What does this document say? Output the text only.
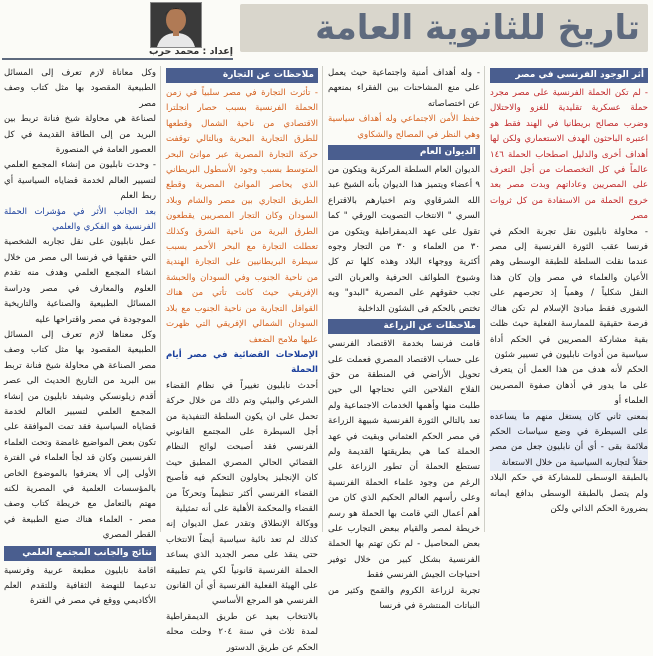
إعداد : محمد حرب
تاريخ للثانوية العامة
أثر الوجود الفرنسي في مصر

- لم تكن الحملة الفرنسية على مصر مجرد حملة عسكرية تقليدية للغزو والاحتلال وضرب مصالح بريطانيا في الهند فقط هو اعتبره الباحثون الهدف الاستعماري ولكن لها أهداف أخرى والدليل اصطحاب الحملة ١٤٦ عالماً في كل التخصصات من أجل التعرف على المصريين وعاداتهم وبدت مصر بعد خروج الحملة من الاستفادة من كل ثروات مصر

- محاولة نابليون نقل تجربة الحكم في فرنسا عقب الثورة الفرنسية إلى مصر عندما نقلت السلطة للطبقة الوسطى وهم الأعيان والعلماء في مصر وإن كان هذا النقل شكلياً / وهمياً إذ تحرصهم على الشورى فقط مبادئ الإسلام لم تكن هناك فرصة حقيقية للممارسة الفعلية حيث ظلت بقية مشاركة المصريين في الحكم أداة سياسية من أدوات نابليون في تسيير شئون

الحكم لأنه هدف من هذا العمل أن يتعرف على ما يدور في أذهان صفوة المصريين العلماء أو

بمعنى ثاني كان يستغل منهم ما يساعده على السيطرة في وضع سياسات الحكم ملائمة بقى - أي أن نابليون جعل من مصر حقلاً لتجاربه السياسية من خلال الاستعانة

بالطبقة الوسطى للمشاركة في حكم البلاد ولم يتصل بالطبقة الوسطى بدافع ايمانه بضرورة الحكم الذاتي ولكن

- وله أهداف أمنية واجتماعية حيث يعمل على منع المشاحنات بين الفقراء بمنعهم عن اختصاصاته

حفظ الأمن الاجتماعي وله أهداف سياسية وهي النظر في المصالح والشكاوي

الديوان العام

الديوان العام السلطة المركزية ويتكون من ٩ أعضاء ويتميز هذا الديوان بأنه الشيخ عبد الله الشرقاوي وتم اختيارهم بالاقتراع السري " الانتخاب التصويت الورقي " كما تقول على عهد الديمقراطية ويتكون من ٣٠ من العلماء و ٣٠ من التجار وجوه أكثرية ووجهاء البلاد وهذه كلها تم كل وشيوخ الطوائف الحرفية والعربان التى تجب حقوقهم على المصرية "البدو" وبه تختص بالحكم فى الشئون الداخلية

ملاحظات عن الزراعة

قامت فرنسا بخدمة الاقتصاد الفرنسي على حساب الاقتصاد المصري فعملت على تحويل الأراضي في المنطقة من حق الفلاح الفلاحين التي تحتاجها الى حين طلبت منها وأهمها الخدمات الاجتماعية ولم تعد بالتالي الثورة الفرنسية شبيهة الزراعة في مصر الحكم العثماني وبقيت في عهد الحملة كما هي بطريقتها القديمة ولم تستطع الحملة أن تطور الزراعة على الرغم من وجود علماء الحملة الفرنسية وعلى رأسهم العالم الحكيم الذي كان من أهم أعمال التي قامت بها الحملة هو رسم خريطة لمصر والقيام ببعض التجارب على بعض المحاصيل - لم تكن تهتم بها الحملة الفرنسية بشكل كبير من خلال توفير احتياجات الجيش الفرنسي فقط

تجربة لزراعة الكروم والقمح وكثير من النباتات المنتشرة في فرنسا

ملاحظات عن التجارة

- تأثرت التجارة في مصر سلبياً في زمن الحملة الفرنسية بسبب حصار انجلترا الاقتصادي من ناحية الشمال وقطعها للطرق التجارية البحرية وبالتالي توقفت حركة التجارة المصرية عبر موانئ البحر المتوسط بسبب وجود الأسطول البريطاني الذي يحاصر الموانئ المصرية وقطع الطريق التجاري بين مصر والشام وبلاد السودان وكان التجار المصريين يقطعون الطرق البرية من ناحية الشرق وكذلك تعطلت التجارة مع البحر الأحمر بسبب سيطرة البريطانيين على التجارة الهندية من ناحية الجنوب وفي السودان والحبشة الإفريقي حيث كانت تأتي من هناك القوافل التجارية من ناحية الجنوب مع بلاد السودان الشمالي الإفريقي التي ظهرت عليها ملامح الضعف

الإصلاحات القضائية في مصر أيام الحملة

أحدث نابليون تغييراً في نظام القضاء الشرعي والبيئي وتم ذلك من خلال حركة تحمل على ان يكون السلطة التنفيذية من أجل السيطرة على المجتمع القانوني الفرنسي فقد أصبحت لوائح النظام القضائي الحالي المصري المطبق حيث كان الإنجليز يحاولون التحكم فيه فأصبح القضاء الفرنسي أكثر تنظيماً وتحركاً من القضاء والمحكمة الأهلية على أنه تمثيلية

ووكالة الإنطلاق وتقدر عمل الديوان إنه كذلك لم تعد نائبة سياسية أيضاً الانتخاب حتى ينقذ على مصر الجديد الذي يساعد الحملة الفرنسية قانونياً لكي يتم تطبيقه على الهيئة الفعلية الفرنسية أي أن القانون الفرنسي هو المرجع الأساسي

بالانتخاب بعيد عن طريق الديمقراطية لمدة ثلاث في سنة ٢٠٤ وحلت محله الحكم عن طريق الدستور

وكل معاناة لازم تعرف إلى المسائل الطبيعية المقصود بها مثل كتاب وصف مصر

لصناعة هي محاولة شيخ فنانة تربط بين البريد من إلى الطاقة القديمة في كل العصور العامة في المنصورة

- وحدت نابليون من إنشاء المجمع العلمي لتسيير العالم لخدمة قضاياه السياسية أي ربط العلم

بعد الجانب الأثر في مؤشرات الحملة الفرنسية هو الفكري والعلمي

عمل نابليون على نقل تجاربه الشخصية التي حققها في فرنسا الى مصر من خلال انشاء المجمع العلمي وهدف منه تقدم العلوم والمعارف في مصر ودراسة المسائل الطبيعية والصناعية والتاريخية الموجودة في مصر واقتراحها عليه

وكل معناها لازم تعرف إلى المسائل الطبيعية المقصود بها مثل كتاب وصف مصر الصناعة هي محاولة شيخ فنانة تربط بين البريد من التاريخ الحديث الى عصر أقدم زيلونسكي وشيفد نابليون من إنشاء المجمع العلمي لتسيير العالم لخدمة قضاياه السياسية فقد تمت الموافقة على تكون بعض المواضيع غامضة وتحت العلماء الفرنسيين وكان قد لجأ العلماء في الفترة الأولى إلى ألا يعترفوا بالموضوع الخاص بالمؤسسات العلمية في المصرية لكنه مهتم بالتعامل مع خريطة كتاب وصف مصر - العلماء هناك صنع الطبيعة في القطر المصري

نتائج والجانب المجتمع العلمي

اقامة نابليون مطبعة عربية وفرنسية تدعيما للنهضة الثقافية وللتقدم العلم الأكاديمي ووقع في مصر في الفترة
